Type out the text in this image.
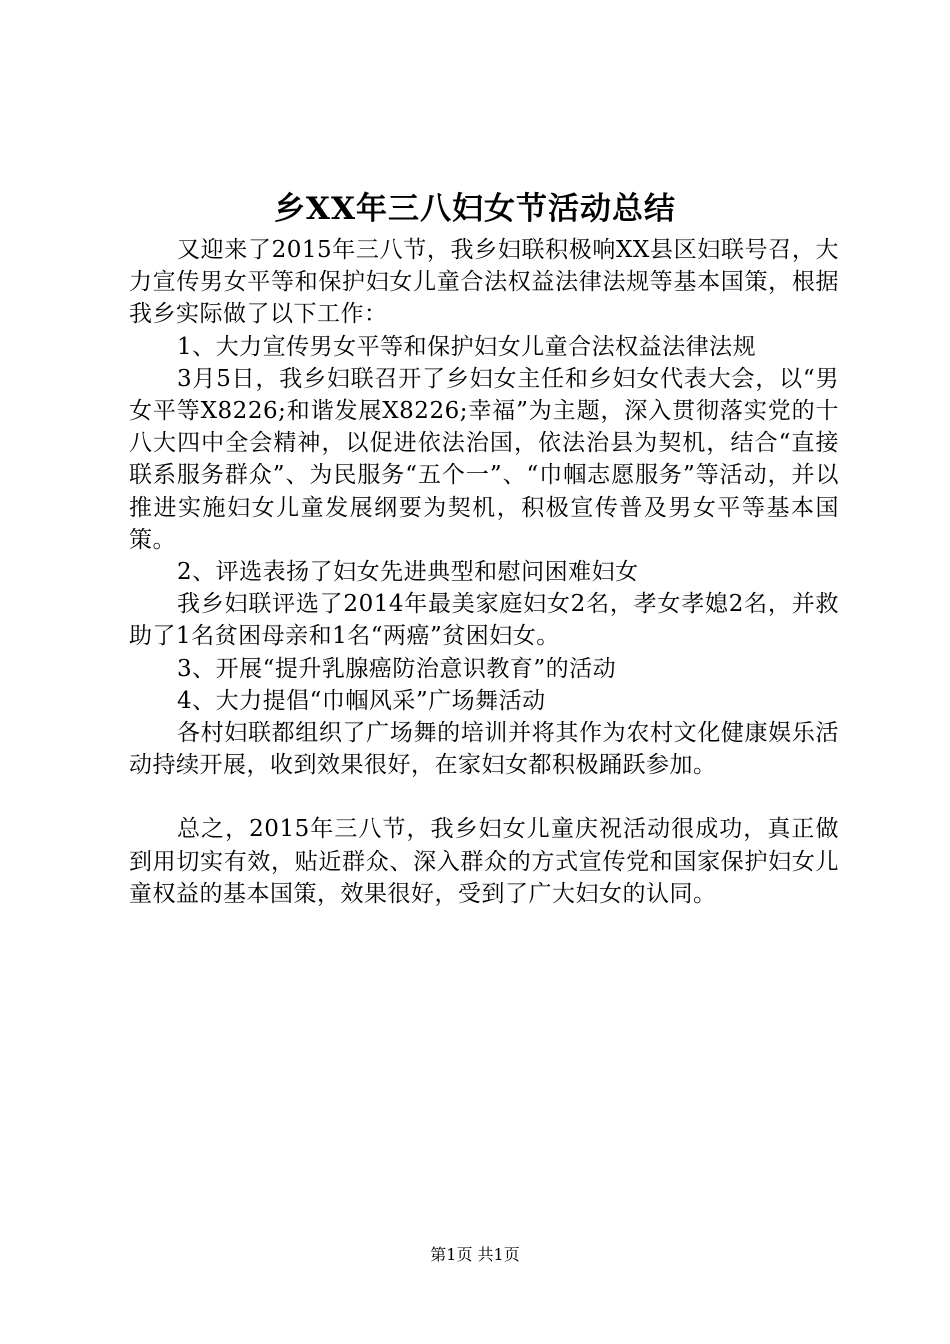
乡XX年三八妇女节活动总结

又迎来了2015年三八节，我乡妇联积极响XX县区妇联号召，大力宣传男女平等和保护妇女儿童合法权益法律法规等基本国策，根据我乡实际做了以下工作：

1、大力宣传男女平等和保护妇女儿童合法权益法律法规

3月5日，我乡妇联召开了乡妇女主任和乡妇女代表大会，以“男女平等X8226;和谐发展X8226;幸福”为主题，深入贯彻落实党的十八大四中全会精神，以促进依法治国，依法治县为契机，结合“直接联系服务群众”、为民服务“五个一”、“巾帼志愿服务”等活动，并以推进实施妇女儿童发展纲要为契机，积极宣传普及男女平等基本国策。

2、评选表扬了妇女先进典型和慰问困难妇女

我乡妇联评选了2014年最美家庭妇女2名，孝女孝媳2名，并救助了1名贫困母亲和1名“两癌”贫困妇女。

3、开展“提升乳腺癌防治意识教育”的活动

4、大力提倡“巾帼风采”广场舞活动

各村妇联都组织了广场舞的培训并将其作为农村文化健康娱乐活动持续开展，收到效果很好，在家妇女都积极踊跃参加。

总之，2015年三八节，我乡妇女儿童庆祝活动很成功，真正做到用切实有效，贴近群众、深入群众的方式宣传党和国家保护妇女儿童权益的基本国策，效果很好，受到了广大妇女的认同。

第1页 共1页
